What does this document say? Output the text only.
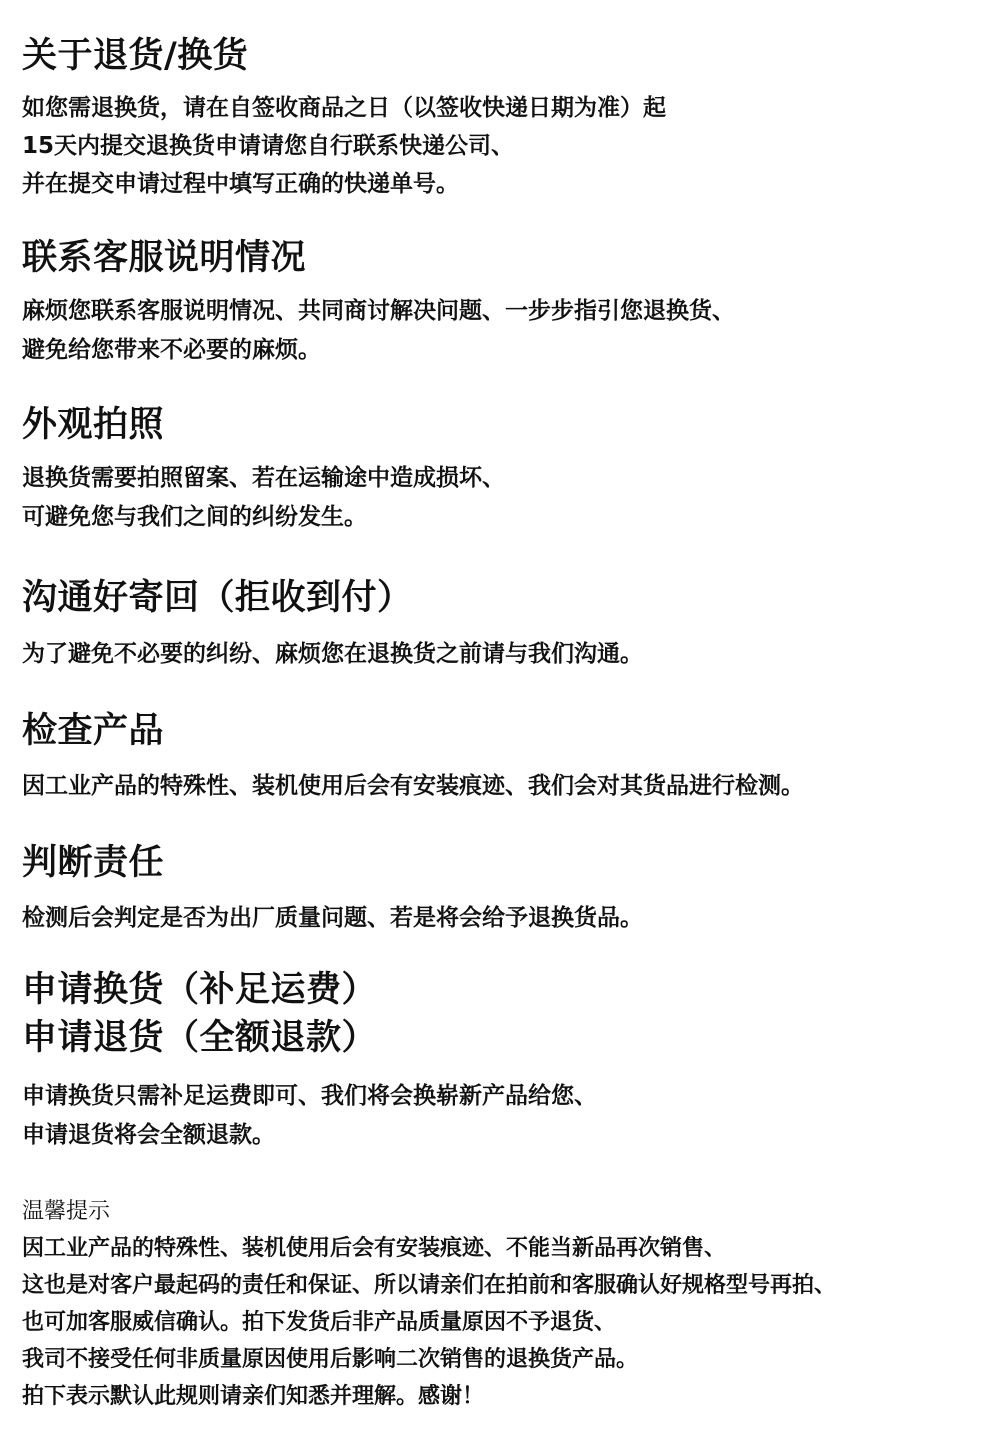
关于退货/换货
如您需退换货，请在自签收商品之日（以签收快递日期为准）起
15天内提交退换货申请请您自行联系快递公司、
并在提交申请过程中填写正确的快递单号。
联系客服说明情况
麻烦您联系客服说明情况、共同商讨解决问题、一步步指引您退换货、
避免给您带来不必要的麻烦。
外观拍照
退换货需要拍照留案、若在运输途中造成损坏、
可避免您与我们之间的纠纷发生。
沟通好寄回（拒收到付）
为了避免不必要的纠纷、麻烦您在退换货之前请与我们沟通。
检查产品
因工业产品的特殊性、装机使用后会有安装痕迹、我们会对其货品进行检测。
判断责任
检测后会判定是否为出厂质量问题、若是将会给予退换货品。
申请换货（补足运费）
申请退货（全额退款）
申请换货只需补足运费即可、我们将会换崭新产品给您、
申请退货将会全额退款。
温馨提示
因工业产品的特殊性、装机使用后会有安装痕迹、不能当新品再次销售、
这也是对客户最起码的责任和保证、所以请亲们在拍前和客服确认好规格型号再拍、
也可加客服威信确认。拍下发货后非产品质量原因不予退货、
我司不接受任何非质量原因使用后影响二次销售的退换货产品。
拍下表示默认此规则请亲们知悉并理解。感谢！
